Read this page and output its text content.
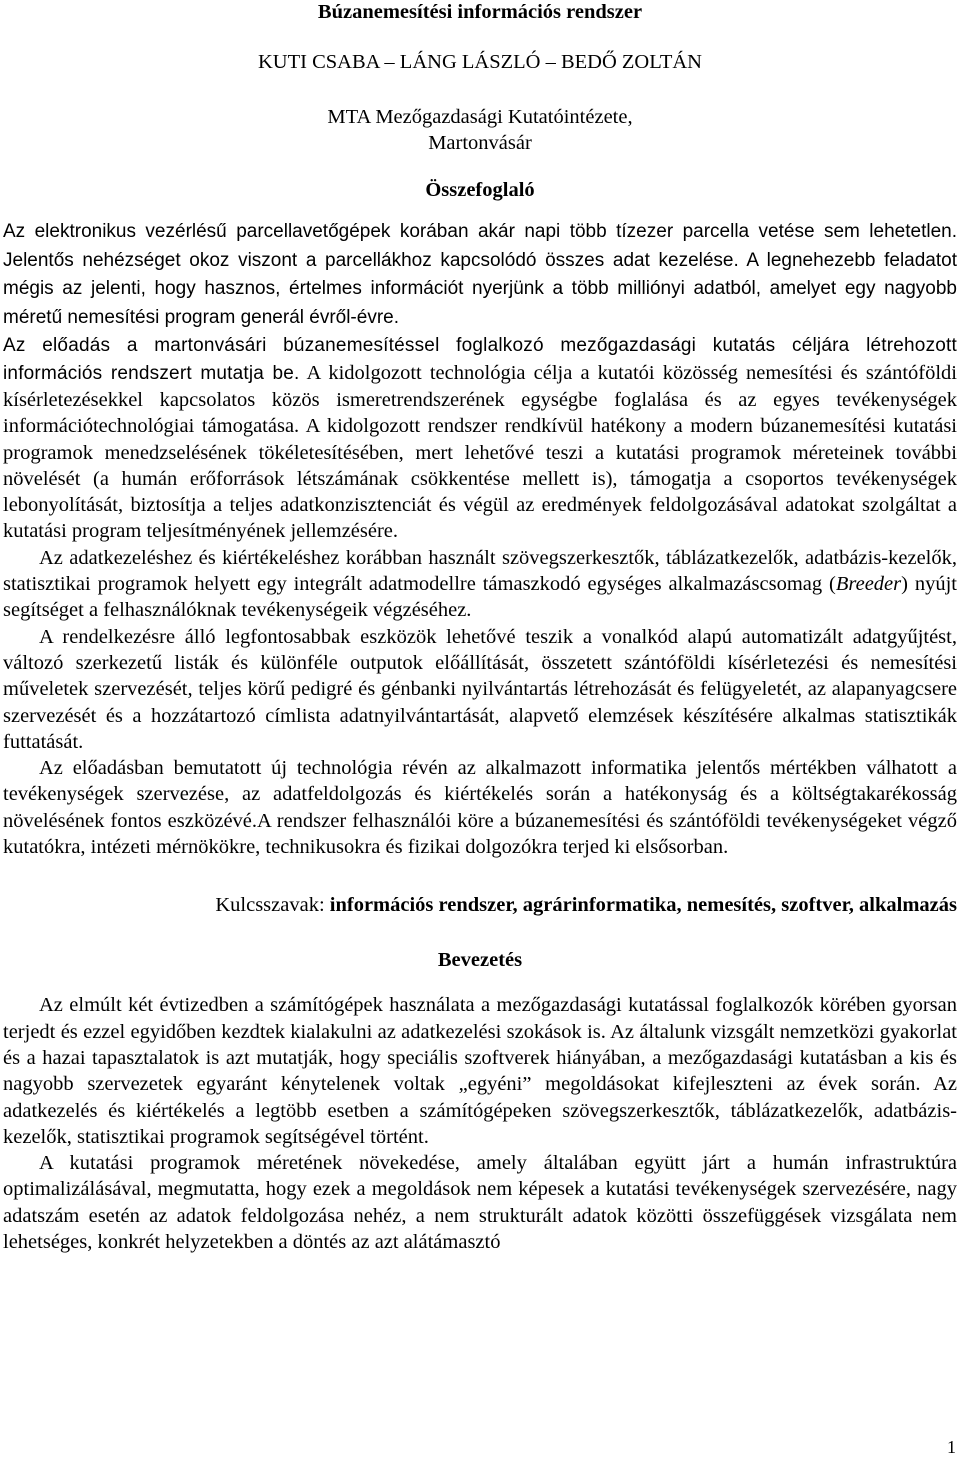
Búzanemesítési információs rendszer
KUTI CSABA – LÁNG LÁSZLÓ – BEDŐ ZOLTÁN
MTA Mezőgazdasági Kutatóintézete,
Martonvásár
Összefoglaló

Az elektronikus vezérlésű parcellavetőgépek korában akár napi több tízezer parcella vetése sem lehetetlen. Jelentős nehézséget okoz viszont a parcellákhoz kapcsolódó összes adat kezelése. A legnehezebb feladatot mégis az jelenti, hogy hasznos, értelmes információt nyerjünk a több milliónyi adatból, amelyet egy nagyobb méretű nemesítési program generál évről-évre.

Az előadás a martonvásári búzanemesítéssel foglalkozó mezőgazdasági kutatás céljára létrehozott információs rendszert mutatja be. A kidolgozott technológia célja a kutatói közösség nemesítési és szántóföldi kísérletezésekkel kapcsolatos közös ismeretrendszerének egységbe foglalása és az egyes tevékenységek információtechnológiai támogatása. A kidolgozott rendszer rendkívül hatékony a modern búzanemesítési kutatási programok menedzselésének tökéletesítésében, mert lehetővé teszi a kutatási programok méreteinek további növelését (a humán erőforrások létszámának csökkentése mellett is), támogatja a csoportos tevékenységek lebonyolítását, biztosítja a teljes adatkonzisztenciát és végül az eredmények feldolgozásával adatokat szolgáltat a kutatási program teljesítményének jellemzésére.

Az adatkezeléshez és kiértékeléshez korábban használt szövegszerkesztők, táblázatkezelők, adatbázis-kezelők, statisztikai programok helyett egy integrált adatmodellre támaszkodó egységes alkalmazáscsomag (Breeder) nyújt segítséget a felhasználóknak tevékenységeik végzéséhez.

A rendelkezésre álló legfontosabbak eszközök lehetővé teszik a vonalkód alapú automatizált adatgyűjtést, változó szerkezetű listák és különféle outputok előállítását, összetett szántóföldi kísérletezési és nemesítési műveletek szervezését, teljes körű pedigré és génbanki nyilvántartás létrehozását és felügyeletét, az alapanyagcsere szervezését és a hozzátartozó címlista adatnyilvántartását, alapvető elemzések készítésére alkalmas statisztikák futtatását.

Az előadásban bemutatott új technológia révén az alkalmazott informatika jelentős mértékben válhatott a tevékenységek szervezése, az adatfeldolgozás és kiértékelés során a hatékonyság és a költségtakarékosság növelésének fontos eszközévé.A rendszer felhasználói köre a búzanemesítési és szántóföldi tevékenységeket végző kutatókra, intézeti mérnökökre, technikusokra és fizikai dolgozókra terjed ki elsősorban.

Kulcsszavak: információs rendszer, agrárinformatika, nemesítés, szoftver, alkalmazás
Bevezetés

Az elmúlt két évtizedben a számítógépek használata a mezőgazdasági kutatással foglalkozók körében gyorsan terjedt és ezzel egyidőben kezdtek kialakulni az adatkezelési szokások is. Az általunk vizsgált nemzetközi gyakorlat és a hazai tapasztalatok is azt mutatják, hogy speciális szoftverek hiányában, a mezőgazdasági kutatásban a kis és nagyobb szervezetek egyaránt kénytelenek voltak „egyéni” megoldásokat kifejleszteni az évek során. Az adatkezelés és kiértékelés a legtöbb esetben a számítógépeken szövegszerkesztők, táblázatkezelők, adatbázis-kezelők, statisztikai programok segítségével történt.

A kutatási programok méretének növekedése, amely általában együtt járt a humán infrastruktúra optimalizálásával, megmutatta, hogy ezek a megoldások nem képesek a kutatási tevékenységek szervezésére, nagy adatszám esetén az adatok feldolgozása nehéz, a nem strukturált adatok közötti összefüggések vizsgálata nem lehetséges, konkrét helyzetekben a döntés az azt alátámasztó

1
